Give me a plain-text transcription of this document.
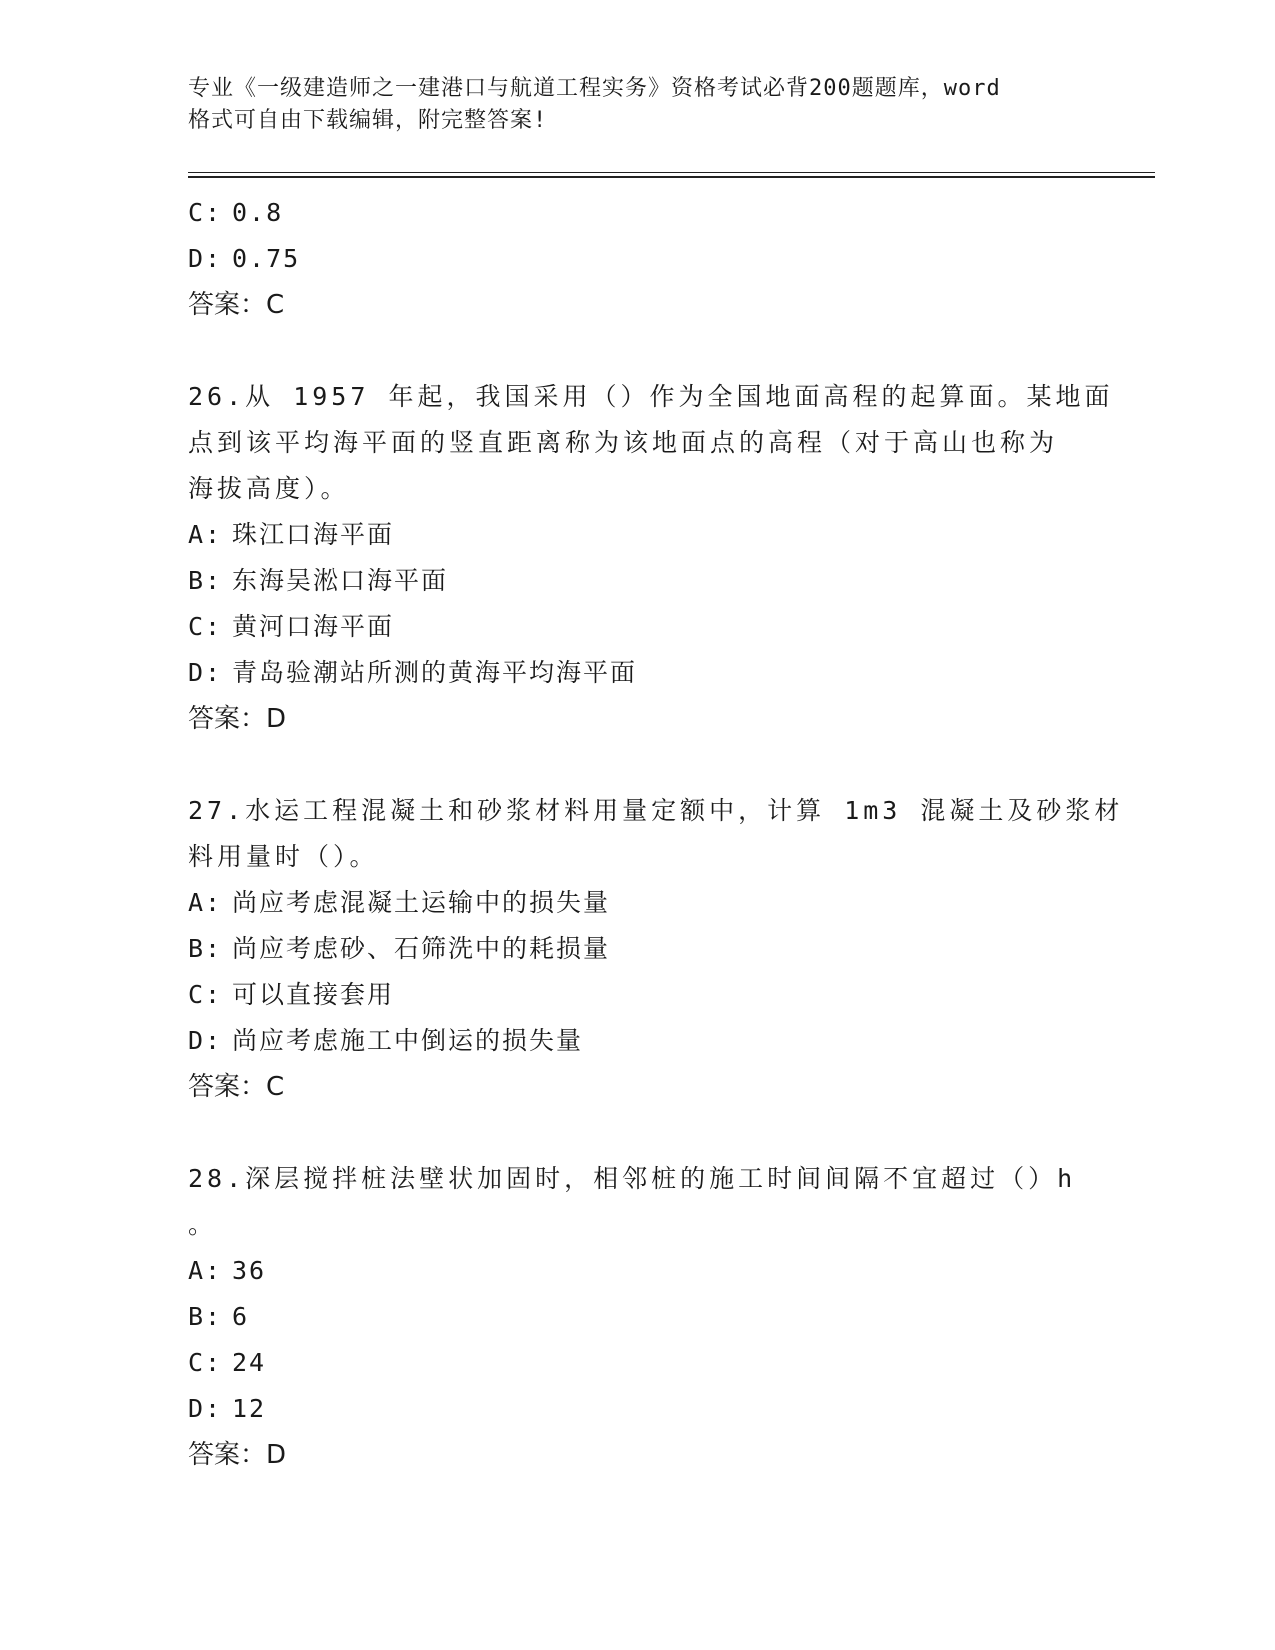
专业《一级建造师之一建港口与航道工程实务》资格考试必背200题题库，word
格式可自由下载编辑，附完整答案!
C: 0.8
D: 0.75
答案：C
26.从 1957 年起，我国采用（）作为全国地面高程的起算面。某地面
点到该平均海平面的竖直距离称为该地面点的高程（对于高山也称为
海拔高度）。
A: 珠江口海平面
B: 东海吴淞口海平面
C: 黄河口海平面
D: 青岛验潮站所测的黄海平均海平面
答案：D
27.水运工程混凝土和砂浆材料用量定额中，计算 1m3 混凝土及砂浆材
料用量时（）。
A: 尚应考虑混凝土运输中的损失量
B: 尚应考虑砂、石筛洗中的耗损量
C: 可以直接套用
D: 尚应考虑施工中倒运的损失量
答案：C
28.深层搅拌桩法壁状加固时，相邻桩的施工时间间隔不宜超过（）h
。
A: 36
B: 6
C: 24
D: 12
答案：D
